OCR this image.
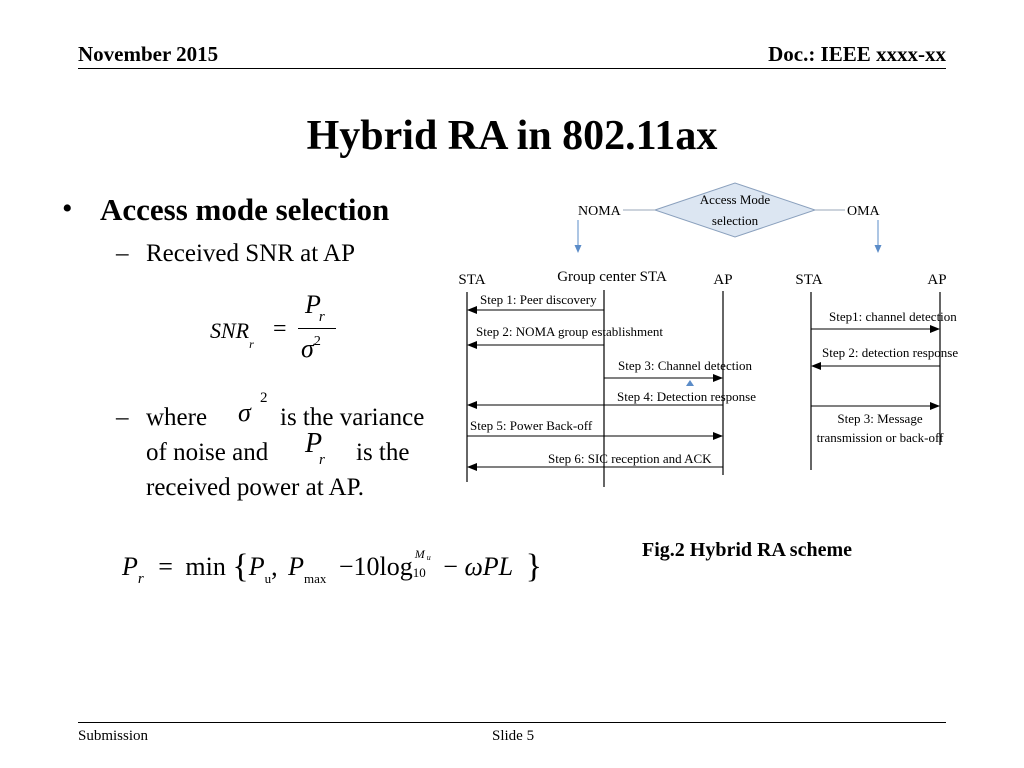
November 2015	Doc.: IEEE xxxx-xx
Hybrid RA in 802.11ax
• Access mode selection
– Received SNR at AP
$SNR_r$
=
$P_r$
$\sigma^2$
– where σ 2
is the variance
of noise and P
r is the
received power at AP.
$P_r = \min \{P_u$, $P_{max} -10\log$ M u
10 − ωPL }
Access Mode
selection
NOMA	OMA
STA	Group center STA	AP
Step 1: Peer discovery
Step 2: NOMA group establishment
Step 3: Channel detection
Step 4: Detection response
Step 5: Power Back-off
Step 6: SIC reception and ACK
STA	AP
Step1: channel detection
Step 2: detection response
Step 3: Message
transmission or back-off
Fig.2 Hybrid RA scheme
Submission	Slide 5
